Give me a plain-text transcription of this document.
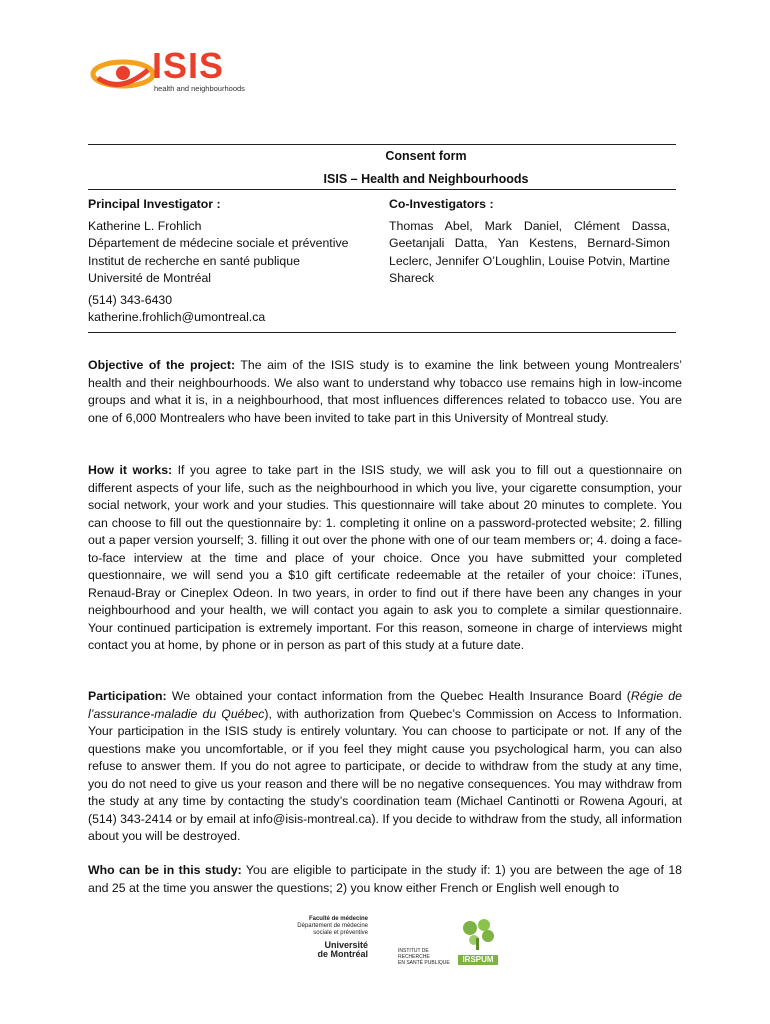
ISIS
health and neighbourhoods
Consent form
ISIS – Health and Neighbourhoods
Principal Investigator :

Katherine L. Frohlich

Département de médecine sociale et préventive

Institut de recherche en santé publique

Université de Montréal

(514) 343-6430

katherine.frohlich@umontreal.ca

Co-Investigators :

Thomas Abel, Mark Daniel, Clément Dassa, Geetanjali Datta, Yan Kestens, Bernard-Simon Leclerc, Jennifer O’Loughlin, Louise Potvin, Martine Shareck

Objective of the project: The aim of the ISIS study is to examine the link between young Montrealers’ health and their neighbourhoods. We also want to understand why tobacco use remains high in low-income groups and what it is, in a neighbourhood, that most influences differences related to tobacco use. You are one of 6,000 Montrealers who have been invited to take part in this University of Montreal study.
How it works: If you agree to take part in the ISIS study, we will ask you to fill out a questionnaire on different aspects of your life, such as the neighbourhood in which you live, your cigarette consumption, your social network, your work and your studies. This questionnaire will take about 20 minutes to complete. You can choose to fill out the questionnaire by: 1. completing it online on a password-protected website; 2. filling out a paper version yourself; 3. filling it out over the phone with one of our team members or; 4. doing a face-to-face interview at the time and place of your choice. Once you have submitted your completed questionnaire, we will send you a $10 gift certificate redeemable at the retailer of your choice: iTunes, Renaud-Bray or Cineplex Odeon. In two years, in order to find out if there have been any changes in your neighbourhood and your health, we will contact you again to ask you to complete a similar questionnaire. Your continued participation is extremely important. For this reason, someone in charge of interviews might contact you at home, by phone or in person as part of this study at a future date.
Participation: We obtained your contact information from the Quebec Health Insurance Board (Régie de l’assurance-maladie du Québec), with authorization from Quebec’s Commission on Access to Information. Your participation in the ISIS study is entirely voluntary. You can choose to participate or not. If any of the questions make you uncomfortable, or if you feel they might cause you psychological harm, you can also refuse to answer them. If you do not agree to participate, or decide to withdraw from the study at any time, you do not need to give us your reason and there will be no negative consequences. You may withdraw from the study at any time by contacting the study’s coordination team (Michael Cantinotti or Rowena Agouri, at (514) 343-2414 or by email at info@isis-montreal.ca). If you decide to withdraw from the study, all information about you will be destroyed.
Who can be in this study: You are eligible to participate in the study if: 1) you are between the age of 18 and 25 at the time you answer the questions; 2) you know either French or English well enough to
Faculté de médecine
Département de médecine
sociale et préventive
Université
de Montréal	INSTITUT DE RECHERCHE
EN SANTÉ PUBLIQUE	IRSPUM
